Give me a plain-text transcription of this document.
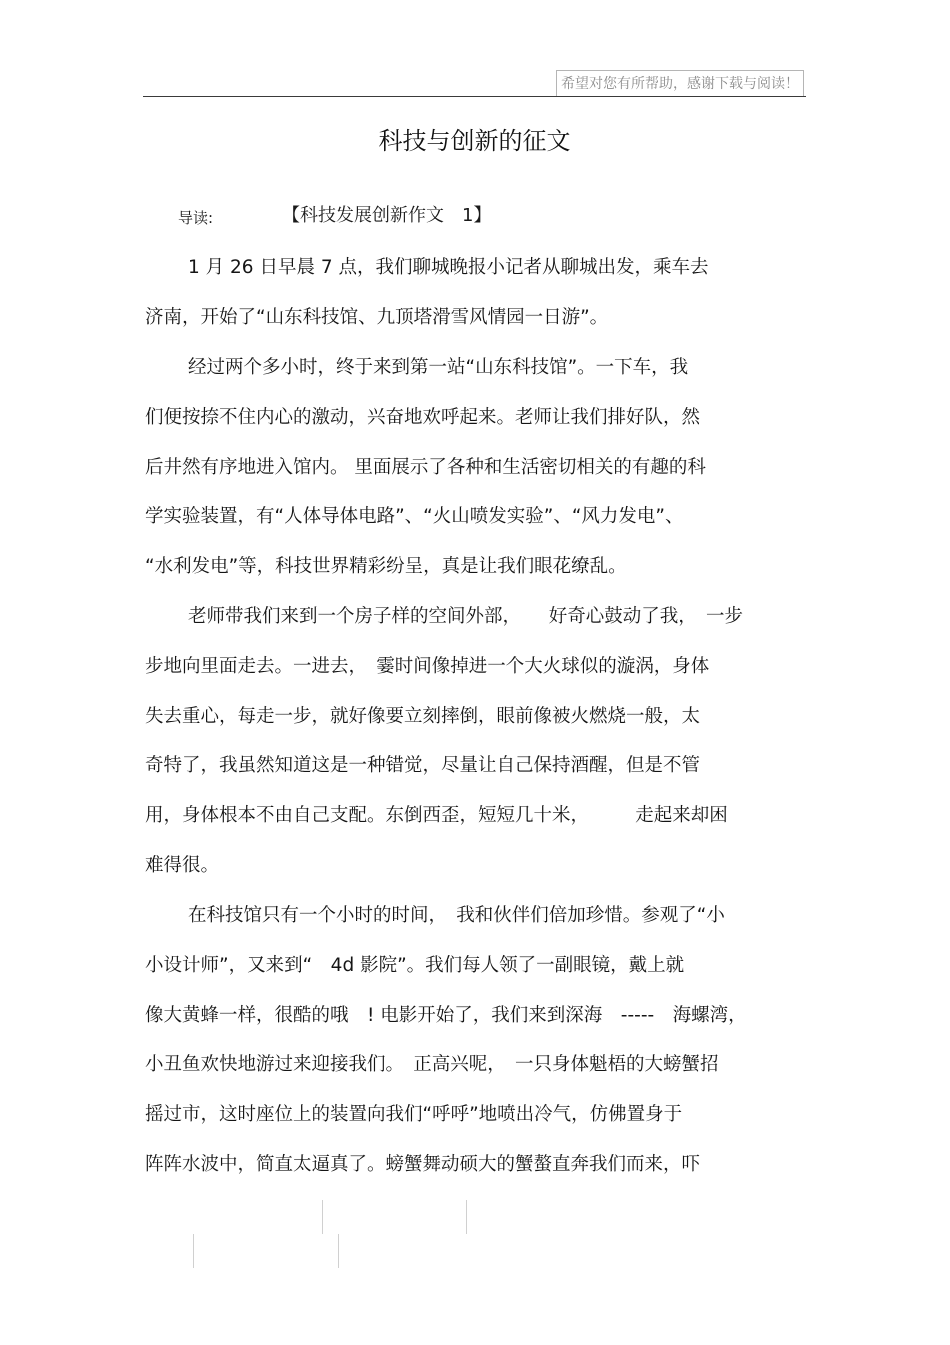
希望对您有所帮助，感谢下载与阅读！
科技与创新的征文
导读:	【科技发展创新作文　1】
1 月 26 日早晨 7 点，我们聊城晚报小记者从聊城出发，乘车去
济南，开始了“山东科技馆、九顶塔滑雪风情园一日游”。
经过两个多小时，终于来到第一站“山东科技馆”。一下车，我
们便按捺不住内心的激动，兴奋地欢呼起来。老师让我们排好队，然
后井然有序地进入馆内。 里面展示了各种和生活密切相关的有趣的科
学实验装置，有“人体导体电路”、“火山喷发实验”、“风力发电”、
“水利发电”等，科技世界精彩纷呈，真是让我们眼花缭乱。
老师带我们来到一个房子样的空间外部，　　好奇心鼓动了我，　一步
步地向里面走去。一进去，　霎时间像掉进一个大火球似的漩涡，身体
失去重心，每走一步，就好像要立刻摔倒，眼前像被火燃烧一般，太
奇特了，我虽然知道这是一种错觉，尽量让自己保持酒醒，但是不管
用，身体根本不由自己支配。东倒西歪，短短几十米，　　　走起来却困
难得很。
在科技馆只有一个小时的时间，　我和伙伴们倍加珍惜。参观了“小
小设计师”，又来到“　4d 影院”。我们每人领了一副眼镜，戴上就
像大黄蜂一样，很酷的哦　! 电影开始了，我们来到深海　-----　海螺湾，
小丑鱼欢快地游过来迎接我们。　正高兴呢，　一只身体魁梧的大螃蟹招
摇过市，这时座位上的装置向我们“呼呼”地喷出冷气，仿佛置身于
阵阵水波中，简直太逼真了。螃蟹舞动硕大的蟹螯直奔我们而来，吓
